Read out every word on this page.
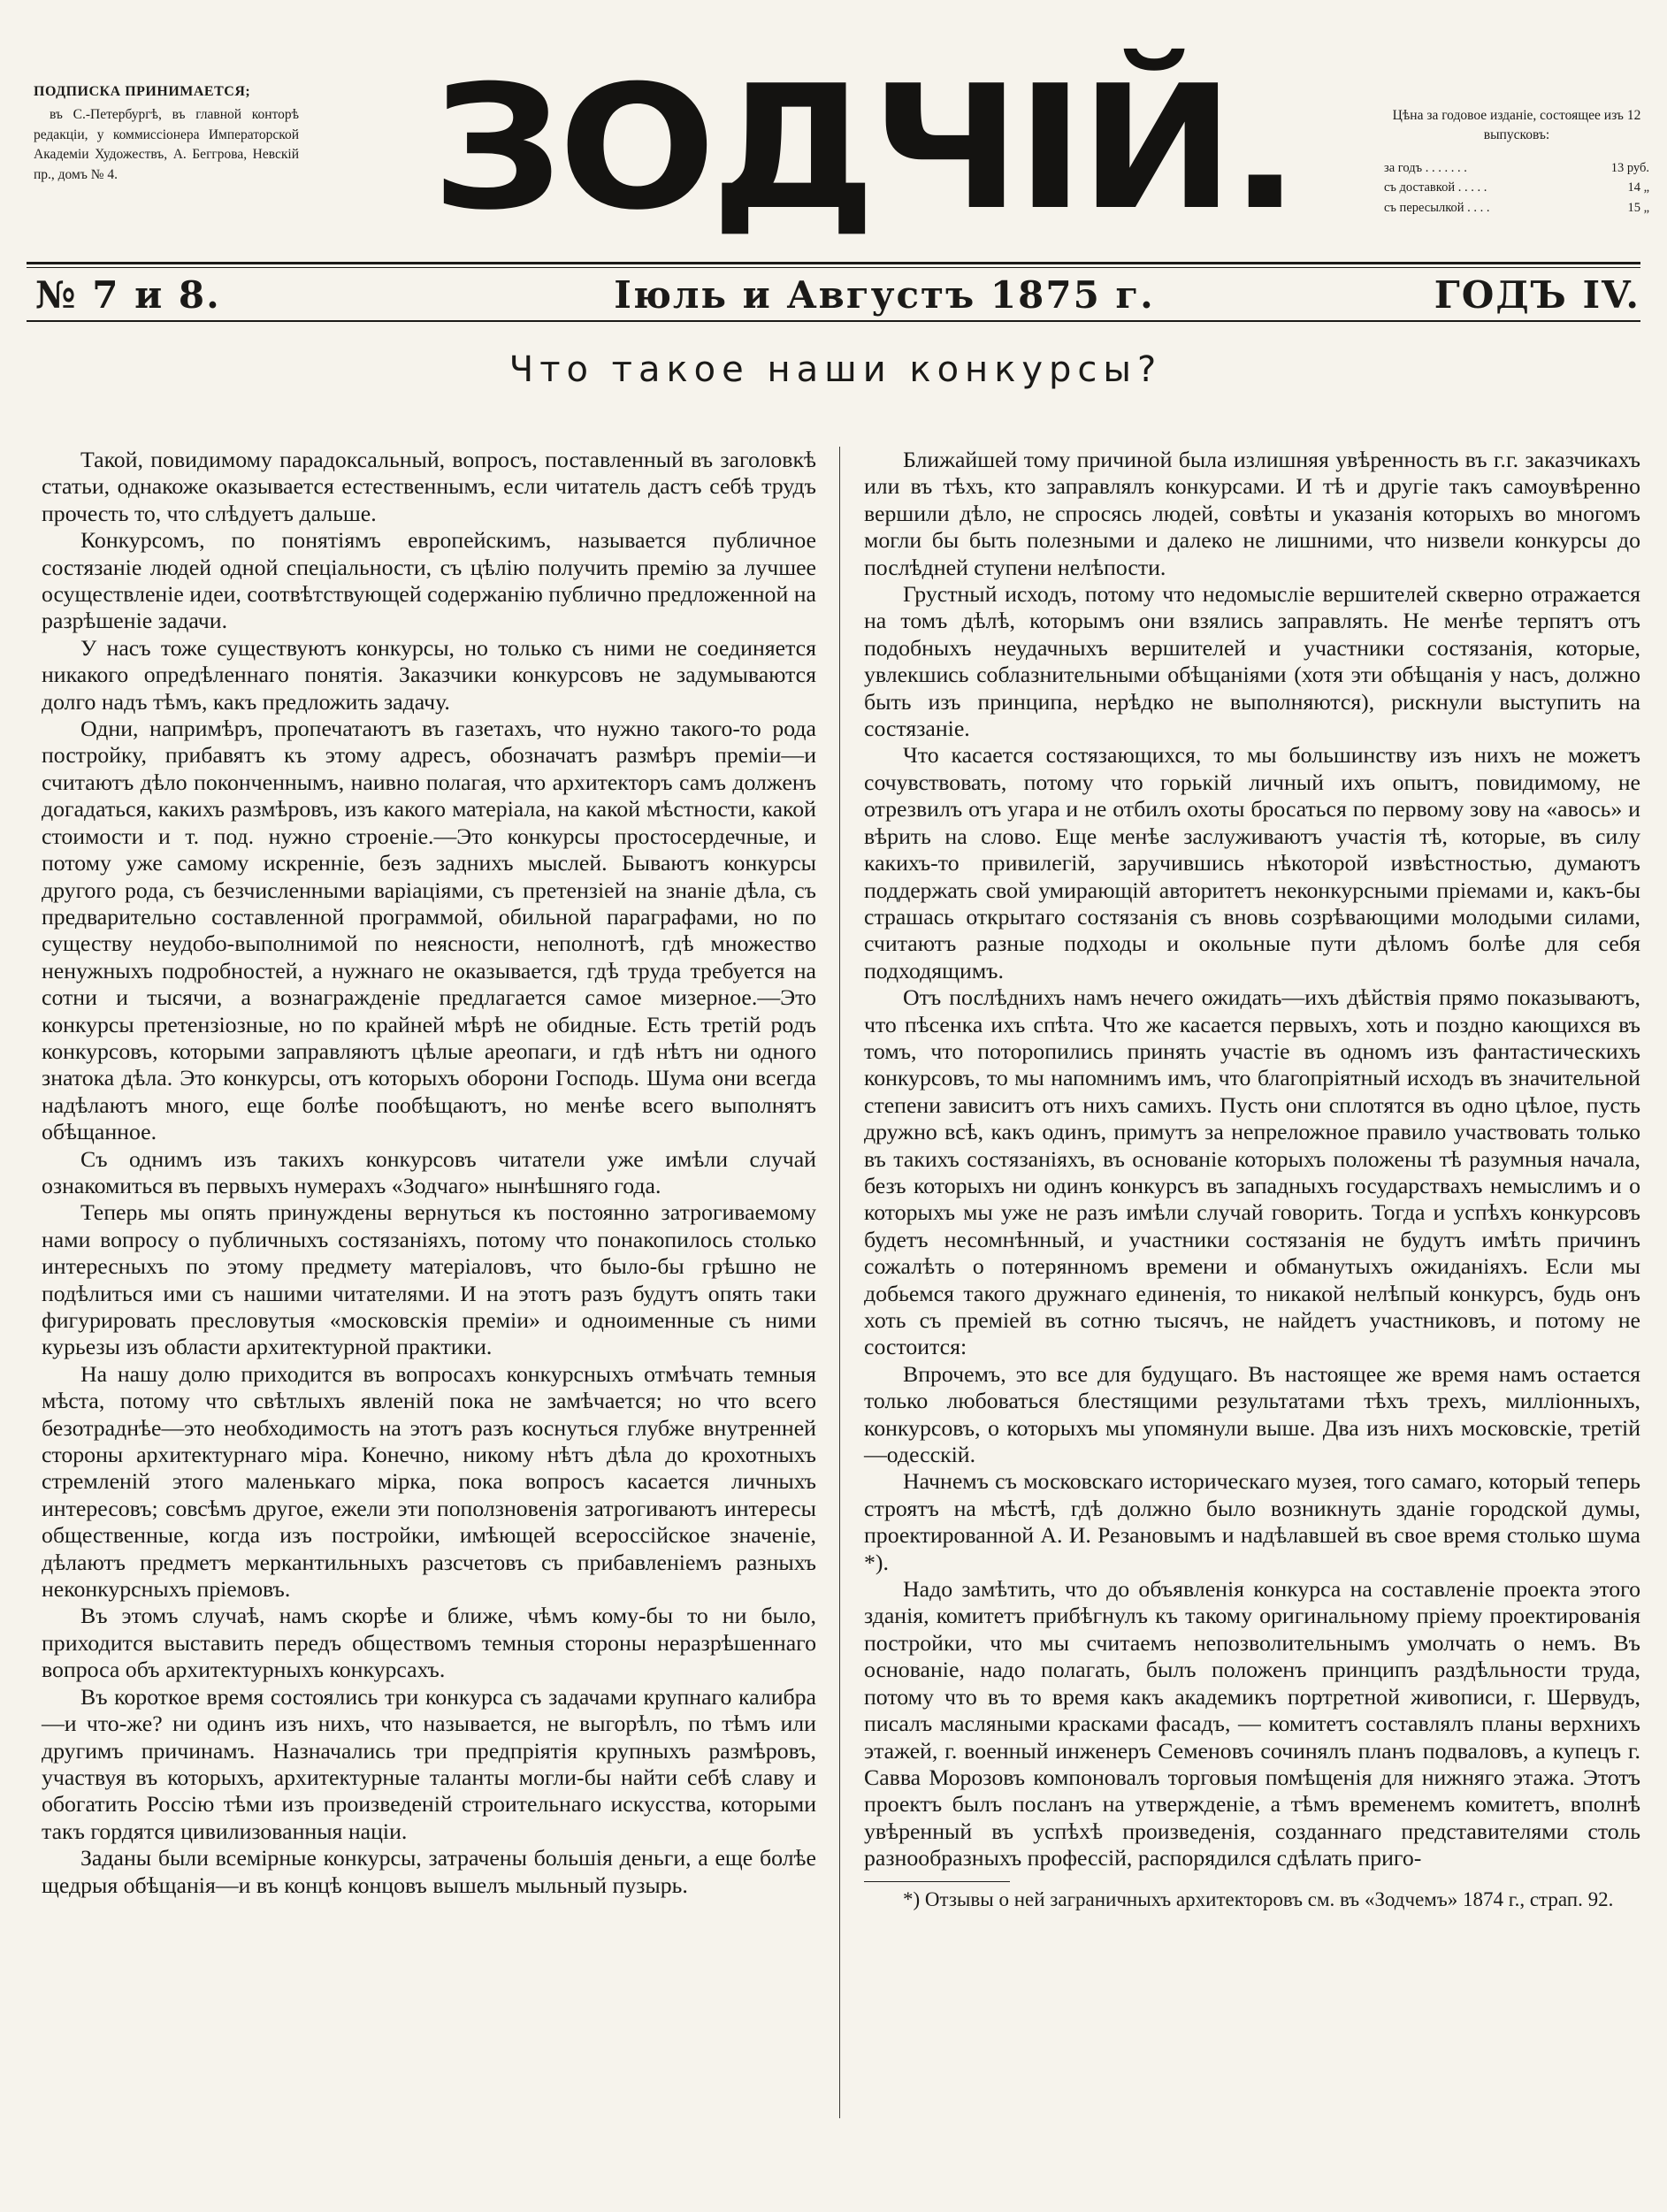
ПОДПИСКА ПРИНИМАЕТСЯ;
въ С.-Петербургѣ, въ главной конторѣ редакціи, у коммиссіонера Императорской Академіи Художествъ, А. Беггрова, Невскій пр., домъ № 4.	ЗОДЧІЙ.	Цѣна за годовое изданіе, состоящее изъ 12 выпусковъ:
за годъ . . . . . . .	13 руб.
съ доставкой . . . . .	14 „
съ пересылкой . . . .	15 „
№ 7 и 8.	Іюль и Августъ 1875 г.	ГОДЪ IV.
Что такое наши конкурсы?

Такой, повидимому парадоксальный, вопросъ, поставленный въ заголовкѣ статьи, однакоже оказывается естественнымъ, если читатель дастъ себѣ трудъ прочесть то, что слѣдуетъ дальше.

Конкурсомъ, по понятіямъ европейскимъ, называется публичное состязаніе людей одной спеціальности, съ цѣлію получить премію за лучшее осуществленіе идеи, соотвѣтствующей содержанію публично предложенной на разрѣшеніе задачи.

У насъ тоже существуютъ конкурсы, но только съ ними не соединяется никакого опредѣленнаго понятія. Заказчики конкурсовъ не задумываются долго надъ тѣмъ, какъ предложить задачу.

Одни, напримѣръ, пропечатаютъ въ газетахъ, что нужно такого-то рода постройку, прибавятъ къ этому адресъ, обозначатъ размѣръ преміи—и считаютъ дѣло поконченнымъ, наивно полагая, что архитекторъ самъ долженъ догадаться, какихъ размѣровъ, изъ какого матеріала, на какой мѣстности, какой стоимости и т. под. нужно строеніе.—Это конкурсы простосердечные, и потому уже самому искренніе, безъ заднихъ мыслей. Бываютъ конкурсы другого рода, съ безчисленными варіаціями, съ претензіей на знаніе дѣла, съ предварительно составленной программой, обильной параграфами, но по существу неудобо-выполнимой по неясности, неполнотѣ, гдѣ множество ненужныхъ подробностей, а нужнаго не оказывается, гдѣ труда требуется на сотни и тысячи, а вознагражденіе предлагается самое мизерное.—Это конкурсы претензіозные, но по крайней мѣрѣ не обидные. Есть третій родъ конкурсовъ, которыми заправляютъ цѣлые ареопаги, и гдѣ нѣтъ ни одного знатока дѣла. Это конкурсы, отъ которыхъ оборони Господь. Шума они всегда надѣлаютъ много, еще болѣе пообѣщаютъ, но менѣе всего выполнятъ обѣщанное.

Съ однимъ изъ такихъ конкурсовъ читатели уже имѣли случай ознакомиться въ первыхъ нумерахъ «Зодчаго» нынѣшняго года.

Теперь мы опять принуждены вернуться къ постоянно затрогиваемому нами вопросу о публичныхъ состязаніяхъ, потому что понакопилось столько интересныхъ по этому предмету матеріаловъ, что было-бы грѣшно не подѣлиться ими съ нашими читателями. И на этотъ разъ будутъ опять таки фигурировать пресловутыя «московскія преміи» и одноименные съ ними курьезы изъ области архитектурной практики.

На нашу долю приходится въ вопросахъ конкурсныхъ отмѣчать темныя мѣста, потому что свѣтлыхъ явленій пока не замѣчается; но что всего безотраднѣе—это необходимость на этотъ разъ коснуться глубже внутренней стороны архитектурнаго міра. Конечно, никому нѣтъ дѣла до крохотныхъ стремленій этого маленькаго мірка, пока вопросъ касается личныхъ интересовъ; совсѣмъ другое, ежели эти поползновенія затрогиваютъ интересы общественные, когда изъ постройки, имѣющей всероссійское значеніе, дѣлаютъ предметъ меркантильныхъ разсчетовъ съ прибавленіемъ разныхъ неконкурсныхъ пріемовъ.

Въ этомъ случаѣ, намъ скорѣе и ближе, чѣмъ кому-бы то ни было, приходится выставить передъ обществомъ темныя стороны неразрѣшеннаго вопроса объ архитектурныхъ конкурсахъ.

Въ короткое время состоялись три конкурса съ задачами крупнаго калибра—и что-же? ни одинъ изъ нихъ, что называется, не выгорѣлъ, по тѣмъ или другимъ причинамъ. Назначались три предпріятія крупныхъ размѣровъ, участвуя въ которыхъ, архитектурные таланты могли-бы найти себѣ славу и обогатить Россію тѣми изъ произведеній строительнаго искусства, которыми такъ гордятся цивилизованныя націи.

Заданы были всемірные конкурсы, затрачены большія деньги, а еще болѣе щедрыя обѣщанія—и въ концѣ концовъ вышелъ мыльный пузырь.

Ближайшей тому причиной была излишняя увѣренность въ г.г. заказчикахъ или въ тѣхъ, кто заправлялъ конкурсами. И тѣ и другіе такъ самоувѣренно вершили дѣло, не спросясь людей, совѣты и указанія которыхъ во многомъ могли бы быть полезными и далеко не лишними, что низвели конкурсы до послѣдней ступени нелѣпости.

Грустный исходъ, потому что недомысліе вершителей скверно отражается на томъ дѣлѣ, которымъ они взялись заправлять. Не менѣе терпятъ отъ подобныхъ неудачныхъ вершителей и участники состязанія, которые, увлекшись соблазнительными обѣщаніями (хотя эти обѣщанія у насъ, должно быть изъ принципа, нерѣдко не выполняются), рискнули выступить на состязаніе.

Что касается состязающихся, то мы большинству изъ нихъ не можетъ сочувствовать, потому что горькій личный ихъ опытъ, повидимому, не отрезвилъ отъ угара и не отбилъ охоты бросаться по первому зову на «авось» и вѣрить на слово. Еще менѣе заслуживаютъ участія тѣ, которые, въ силу какихъ-то привилегій, заручившись нѣкоторой извѣстностью, думаютъ поддержать свой умирающій авторитетъ неконкурсными пріемами и, какъ-бы страшась открытаго состязанія съ вновь созрѣвающими молодыми силами, считаютъ разные подходы и окольные пути дѣломъ болѣе для себя подходящимъ.

Отъ послѣднихъ намъ нечего ожидать—ихъ дѣйствія прямо показываютъ, что пѣсенка ихъ спѣта. Что же касается первыхъ, хоть и поздно кающихся въ томъ, что поторопились принять участіе въ одномъ изъ фантастическихъ конкурсовъ, то мы напомнимъ имъ, что благопріятный исходъ въ значительной степени зависитъ отъ нихъ самихъ. Пусть они сплотятся въ одно цѣлое, пусть дружно всѣ, какъ одинъ, примутъ за непреложное правило участвовать только въ такихъ состязаніяхъ, въ основаніе которыхъ положены тѣ разумныя начала, безъ которыхъ ни одинъ конкурсъ въ западныхъ государствахъ немыслимъ и о которыхъ мы уже не разъ имѣли случай говорить. Тогда и успѣхъ конкурсовъ будетъ несомнѣнный, и участники состязанія не будутъ имѣть причинъ сожалѣть о потерянномъ времени и обманутыхъ ожиданіяхъ. Если мы добьемся такого дружнаго единенія, то никакой нелѣпый конкурсъ, будь онъ хоть съ преміей въ сотню тысячъ, не найдетъ участниковъ, и потому не состоится:

Впрочемъ, это все для будущаго. Въ настоящее же время намъ остается только любоваться блестящими результатами тѣхъ трехъ, милліонныхъ, конкурсовъ, о которыхъ мы упомянули выше. Два изъ нихъ московскіе, третій—одесскій.

Начнемъ съ московскаго историческаго музея, того самаго, который теперь строятъ на мѣстѣ, гдѣ должно было возникнуть зданіе городской думы, проектированной А. И. Резановымъ и надѣлавшей въ свое время столько шума *).

Надо замѣтить, что до объявленія конкурса на составленіе проекта этого зданія, комитетъ прибѣгнулъ къ такому оригинальному пріему проектированія постройки, что мы считаемъ непозволительнымъ умолчать о немъ. Въ основаніе, надо полагать, былъ положенъ принципъ раздѣльности труда, потому что въ то время какъ академикъ портретной живописи, г. Шервудъ, писалъ масляными красками фасадъ, — комитетъ составлялъ планы верхнихъ этажей, г. военный инженеръ Семеновъ сочинялъ планъ подваловъ, а купецъ г. Савва Морозовъ компоновалъ торговыя помѣщенія для нижняго этажа. Этотъ проектъ былъ посланъ на утвержденіе, а тѣмъ временемъ комитетъ, вполнѣ увѣренный въ успѣхѣ произведенія, созданнаго представителями столь разнообразныхъ профессій, распорядился сдѣлать приго-

*) Отзывы о ней заграничныхъ архитекторовъ см. въ «Зодчемъ» 1874 г., страп. 92.
